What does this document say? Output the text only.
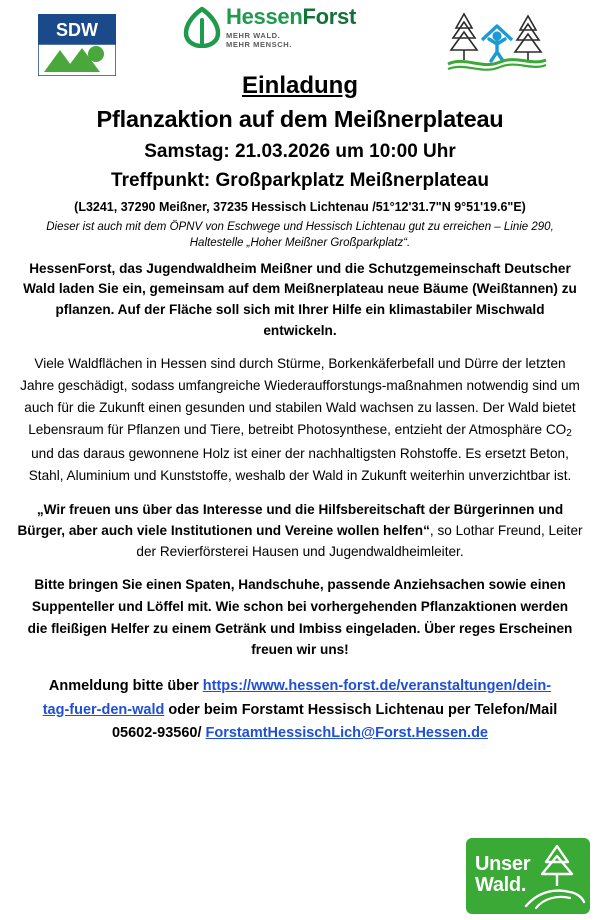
SDW
HessenForst
MEHR WALD.
MEHR MENSCH.
Einladung
Pflanzaktion auf dem Meißnerplateau
Samstag: 21.03.2026 um 10:00 Uhr
Treffpunkt: Großparkplatz Meißnerplateau
(L3241, 37290 Meißner, 37235 Hessisch Lichtenau /51°12'31.7"N 9°51'19.6"E)
Dieser ist auch mit dem ÖPNV von Eschwege und Hessisch Lichtenau gut zu erreichen – Linie 290, Haltestelle „Hoher Meißner Großparkplatz“.
HessenForst, das Jugendwaldheim Meißner und die Schutzgemeinschaft Deutscher Wald laden Sie ein, gemeinsam auf dem Meißnerplateau neue Bäume (Weißtannen) zu pflanzen. Auf der Fläche soll sich mit Ihrer Hilfe ein klimastabiler Mischwald entwickeln.
Viele Waldflächen in Hessen sind durch Stürme, Borkenkäferbefall und Dürre der letzten Jahre geschädigt, sodass umfangreiche Wiederaufforstungs-maßnahmen notwendig sind um auch für die Zukunft einen gesunden und stabilen Wald wachsen zu lassen. Der Wald bietet Lebensraum für Pflanzen und Tiere, betreibt Photosynthese, entzieht der Atmosphäre $CO_2$ und das daraus gewonnene Holz ist einer der nachhaltigsten Rohstoffe. Es ersetzt Beton, Stahl, Aluminium und Kunststoffe, weshalb der Wald in Zukunft weiterhin unverzichtbar ist.
„Wir freuen uns über das Interesse und die Hilfsbereitschaft der Bürgerinnen und Bürger, aber auch viele Institutionen und Vereine wollen helfen“, so Lothar Freund, Leiter der Revierförsterei Hausen und Jugendwaldheimleiter.
Bitte bringen Sie einen Spaten, Handschuhe, passende Anziehsachen sowie einen Suppenteller und Löffel mit. Wie schon bei vorhergehenden Pflanzaktionen werden die fleißigen Helfer zu einem Getränk und Imbiss eingeladen. Über reges Erscheinen freuen wir uns!
Anmeldung bitte über https://www.hessen-forst.de/veranstaltungen/dein-tag-fuer-den-wald oder beim Forstamt Hessisch Lichtenau per Telefon/Mail 05602-93560/ ForstamtHessischLich@Forst.Hessen.de
Unser
Wald.
